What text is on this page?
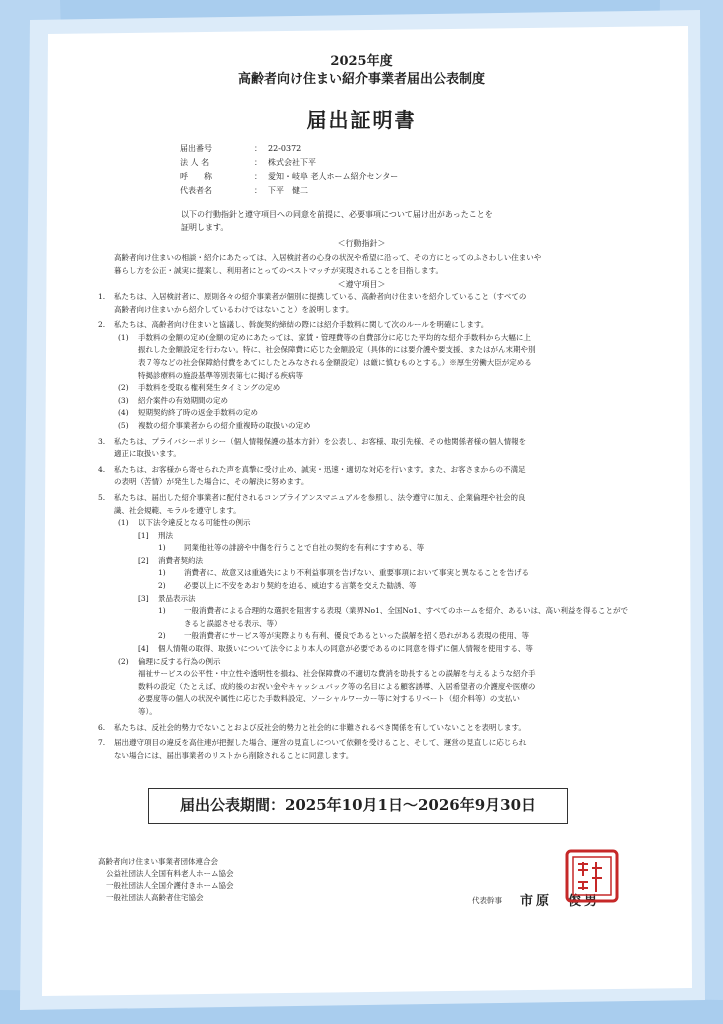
2025年度
高齢者向け住まい紹介事業者届出公表制度
届出証明書
届出番号	： 22-0372
法 人 名	： 株式会社下平
呼　　称	： 愛知・岐阜 老人ホーム紹介センター
代表者名	： 下平　健二
以下の行動指針と遵守項目への同意を前提に、必要事項について届け出があったことを
証明します。
＜行動指針＞
高齢者向け住まいの相談・紹介にあたっては、入居検討者の心身の状況や希望に沿って、その方にとってのふさわしい住まいや
暮らし方を公正・誠実に提案し、利用者にとってのベストマッチが実現されることを目指します。
＜遵守項目＞
1.	私たちは、入居検討者に、原則各々の紹介事業者が個別に提携している、高齢者向け住まいを紹介していること（すべての
高齢者向け住まいから紹介しているわけではないこと）を説明します。
2.	私たちは、高齢者向け住まいと協議し、斡旋契約締結の際には紹介手数料に関して次のルールを明確にします。
(1)	手数料の金額の定め(金額の定めにあたっては、家賃・管理費等の自費部分に応じた平均的な紹介手数料から大幅に上
振れした金額設定を行わない。特に、社会保障費に応じた金額設定（具体的には要介護や要支援、またはがん末期や別
表７等などの社会保障給付費をあてにしたとみなされる金額設定）は厳に慎むものとする。）※厚生労働大臣が定める
特掲診療料の施設基準等別表第七に掲げる疾病等
(2)	手数料を受取る権利発生タイミングの定め
(3)	紹介案件の有効期間の定め
(4)	短期契約終了時の返金手数料の定め
(5)	複数の紹介事業者からの紹介重複時の取扱いの定め
3.	私たちは、プライバシーポリシー（個人情報保護の基本方針）を公表し、お客様、取引先様、その他関係者様の個人情報を
適正に取扱います。
4.	私たちは、お客様から寄せられた声を真摯に受け止め、誠実・迅速・適切な対応を行います。また、お客さまからの不満足
の表明（苦情）が発生した場合に、その解決に努めます。
5.	私たちは、届出した紹介事業者に配付されるコンプライアンスマニュアルを参照し、法令遵守に加え、企業倫理や社会的良
識、社会規範、モラルを遵守します。
(1)	以下法令違反となる可能性の例示
[1]	刑法
1)	同業他社等の誹謗や中傷を行うことで自社の契約を有利にすすめる、等
[2]	消費者契約法
1)	消費者に、故意又は重過失により不利益事項を告げない、重要事項において事実と異なることを告げる
2)	必要以上に不安をあおり契約を迫る、威迫する言葉を交えた勧誘、等
[3]	景品表示法
1)	一般消費者による合理的な選択を阻害する表現（業界No1、全国No1、すべてのホームを紹介、あるいは、高い利益を得ることができると誤認させる表示、等）
2)	一般消費者にサービス等が実際よりも有利、優良であるといった誤解を招く恐れがある表現の使用、等
[4]	個人情報の取得、取扱いについて法令により本人の同意が必要であるのに同意を得ずに個人情報を使用する、等
(2)	倫理に反する行為の例示
福祉サービスの公平性・中立性や透明性を損ね、社会保障費の不適切な費消を助長するとの誤解を与えるような紹介手
数料の設定（たとえば、成約後のお祝い金やキャッシュバック等の名目による顧客誘導、入居希望者の介護度や医療の
必要度等の個人の状況や属性に応じた手数料設定、ソーシャルワーカー等に対するリベート（紹介料等）の支払い
等）。
6.	私たちは、反社会的勢力でないことおよび反社会的勢力と社会的に非難されるべき関係を有していないことを表明します。
7.	届出遵守項目の違反を高住連が把握した場合、運営の見直しについて依頼を受けること、そして、運営の見直しに応じられ
ない場合には、届出事業者のリストから削除されることに同意します。
届出公表期間：2025年10月1日～2026年9月30日
高齢者向け住まい事業者団体連合会
公益社団法人全国有料老人ホーム協会
一般社団法人全国介護付きホーム協会
一般社団法人高齢者住宅協会	代表幹事 市原　俊男
